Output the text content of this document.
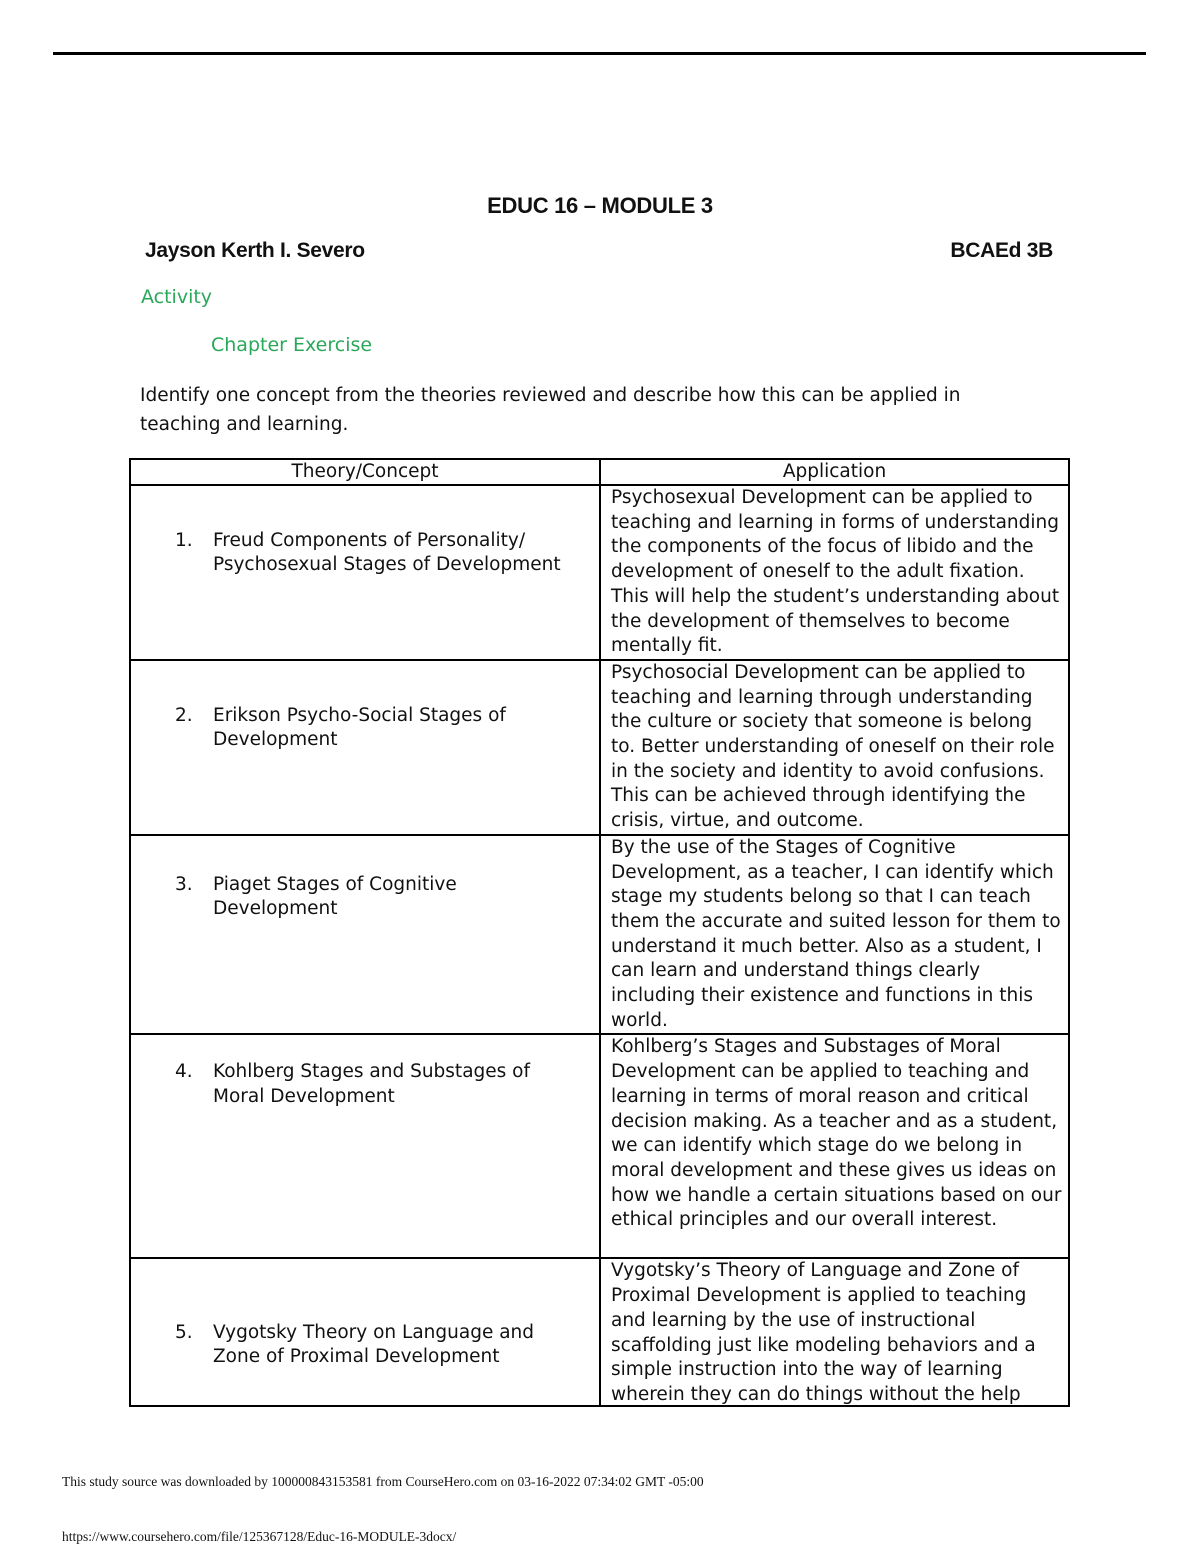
EDUC 16 – MODULE 3
Jayson Kerth I. Severo	BCAEd 3B
Activity
Chapter Exercise
Identify one concept from the theories reviewed and describe how this can be applied in teaching and learning.
Theory/Concept	Application

1. Freud Components of Personality/ Psychosexual Stages of Development	Psychosexual Development can be applied to teaching and learning in forms of understanding the components of the focus of libido and the development of oneself to the adult fixation. This will help the student’s understanding about the development of themselves to become mentally fit.

2. Erikson Psycho-Social Stages of Development	Psychosocial Development can be applied to teaching and learning through understanding the culture or society that someone is belong to. Better understanding of oneself on their role in the society and identity to avoid confusions. This can be achieved through identifying the crisis, virtue, and outcome.

3. Piaget Stages of Cognitive Development	By the use of the Stages of Cognitive Development, as a teacher, I can identify which stage my students belong so that I can teach them the accurate and suited lesson for them to understand it much better. Also as a student, I can learn and understand things clearly including their existence and functions in this world.

4. Kohlberg Stages and Substages of Moral Development	Kohlberg’s Stages and Substages of Moral Development can be applied to teaching and learning in terms of moral reason and critical decision making. As a teacher and as a student, we can identify which stage do we belong in moral development and these gives us ideas on how we handle a certain situations based on our ethical principles and our overall interest.

5. Vygotsky Theory on Language and Zone of Proximal Development	Vygotsky’s Theory of Language and Zone of Proximal Development is applied to teaching and learning by the use of instructional scaffolding just like modeling behaviors and a simple instruction into the way of learning wherein they can do things without the help
This study source was downloaded by 100000843153581 from CourseHero.com on 03-16-2022 07:34:02 GMT -05:00
https://www.coursehero.com/file/125367128/Educ-16-MODULE-3docx/
